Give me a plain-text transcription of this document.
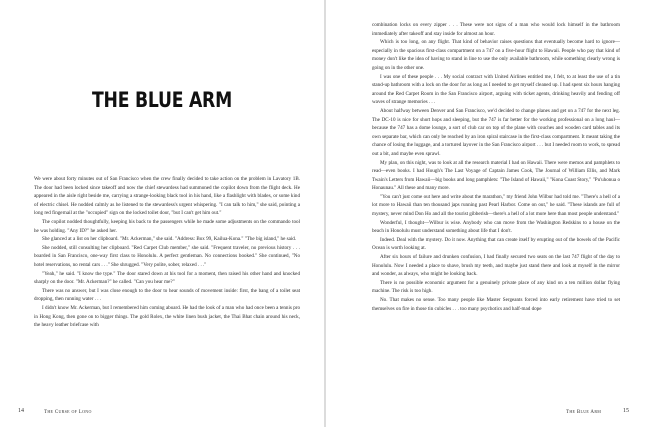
THE BLUE ARM

We were about forty minutes out of San Francisco when the crew finally decided to take action on the problem in Lavatory 1B. The door had been locked since takeoff and now the chief stewardess had summoned the copilot down from the flight deck. He appeared in the aisle right beside me, carrying a strange-looking black tool in his hand, like a flashlight with blades, or some kind of electric chisel. He nodded calmly as he listened to the stewardess's urgent whispering. "I can talk to him," she said, pointing a long red fingernail at the "occupied" sign on the locked toilet door, "but I can't get him out."

The copilot nodded thoughtfully, keeping his back to the passengers while he made some adjustments on the commando tool he was holding. "Any ID?" he asked her.

She glanced at a list on her clipboard. "Mr. Ackerman," she said. "Address: Box 99, Kailua-Kona." "The big island," he said.

She nodded, still consulting her clipboard. "Red Carpet Club member," she said. "Frequent traveler, no previous history . . . boarded in San Francisco, one-way first class to Honolulu. A perfect gentleman. No connections booked." She continued, "No hotel reservations, no rental cars . . ." She shrugged. "Very polite, sober, relaxed . . ."

"Yeah," he said. "I know the type." The door stared down at his tool for a moment, then raised his other hand and knocked sharply on the door. "Mr. Ackerman?" he called. "Can you hear me?"

There was no answer, but I was close enough to the door to hear sounds of movement inside: first, the bang of a toilet seat dropping, then running water . . .

I didn't know Mr. Ackerman, but I remembered him coming aboard. He had the look of a man who had once been a tennis pro in Hong Kong, then gone on to bigger things. The gold Rolex, the white linen bush jacket, the Thai Bhat chain around his neck, the heavy leather briefcase with

14	The Curse of Lono	The Blue Arm	15

combination locks on every zipper . . . These were not signs of a man who would lock himself in the bathroom immediately after takeoff and stay inside for almost an hour.

Which is too long, on any flight. That kind of behavior raises questions that eventually become hard to ignore—especially in the spacious first-class compartment on a 747 on a five-hour flight to Hawaii. People who pay that kind of money don't like the idea of having to stand in line to use the only available bathroom, while something clearly wrong is going on in the other one.

I was one of these people . . . My social contract with United Airlines entitled me, I felt, to at least the use of a tin stand-up bathroom with a lock on the door for as long as I needed to get myself cleaned up. I had spent six hours hanging around the Red Carpet Room in the San Francisco airport, arguing with ticket agents, drinking heavily and fending off waves of strange memories . . .

About halfway between Denver and San Francisco, we'd decided to change planes and get on a 747 for the next leg. The DC-10 is nice for short hops and sleeping, but the 747 is far better for the working professional on a long haul—because the 747 has a dome lounge, a sort of club car on top of the plane with couches and wooden card tables and its own separate bar, which can only be reached by an iron spiral staircase in the first-class compartment. It meant taking the chance of losing the luggage, and a tortured layover in the San Francisco airport . . . but I needed room to work, to spread out a bit, and maybe even sprawl.

My plan, on this night, was to look at all the research material I had on Hawaii. There were memos and pamphlets to read—even books. I had Hough's The Last Voyage of Captain James Cook, The Journal of William Ellis, and Mark Twain's Letters from Hawaii—big books and long pamphlets: "The Island of Hawaii," "Kona Coast Story," "Pu'uhonua o Honaunau." All these and many more.

"You can't just come out here and write about the marathon," my friend John Wilbur had told me. "There's a hell of a lot more to Hawaii than ten thousand japs running past Pearl Harbor. Come on out," he said. "These islands are full of mystery, never mind Don Ho and all the tourist gibberish—there's a hell of a lot more here than most people understand."

Wonderful, I thought—Wilbur is wise. Anybody who can move from the Washington Redskins to a house on the beach in Honolulu must understand something about life that I don't.

Indeed. Deal with the mystery. Do it now. Anything that can create itself by erupting out of the bowels of the Pacific Ocean is worth looking at.

After six hours of failure and drunken confusion, I had finally secured two seats on the last 747 flight of the day to Honolulu. Now I needed a place to shave, brush my teeth, and maybe just stand there and look at myself in the mirror and wonder, as always, who might be looking back.

There is no possible economic argument for a genuinely private place of any kind on a ten million dollar flying machine. The risk is too high.

No. That makes no sense. Too many people like Master Sergeants forced into early retirement have tried to set themselves on fire in those tin cubicles . . . too many psychotics and half-mad dope
